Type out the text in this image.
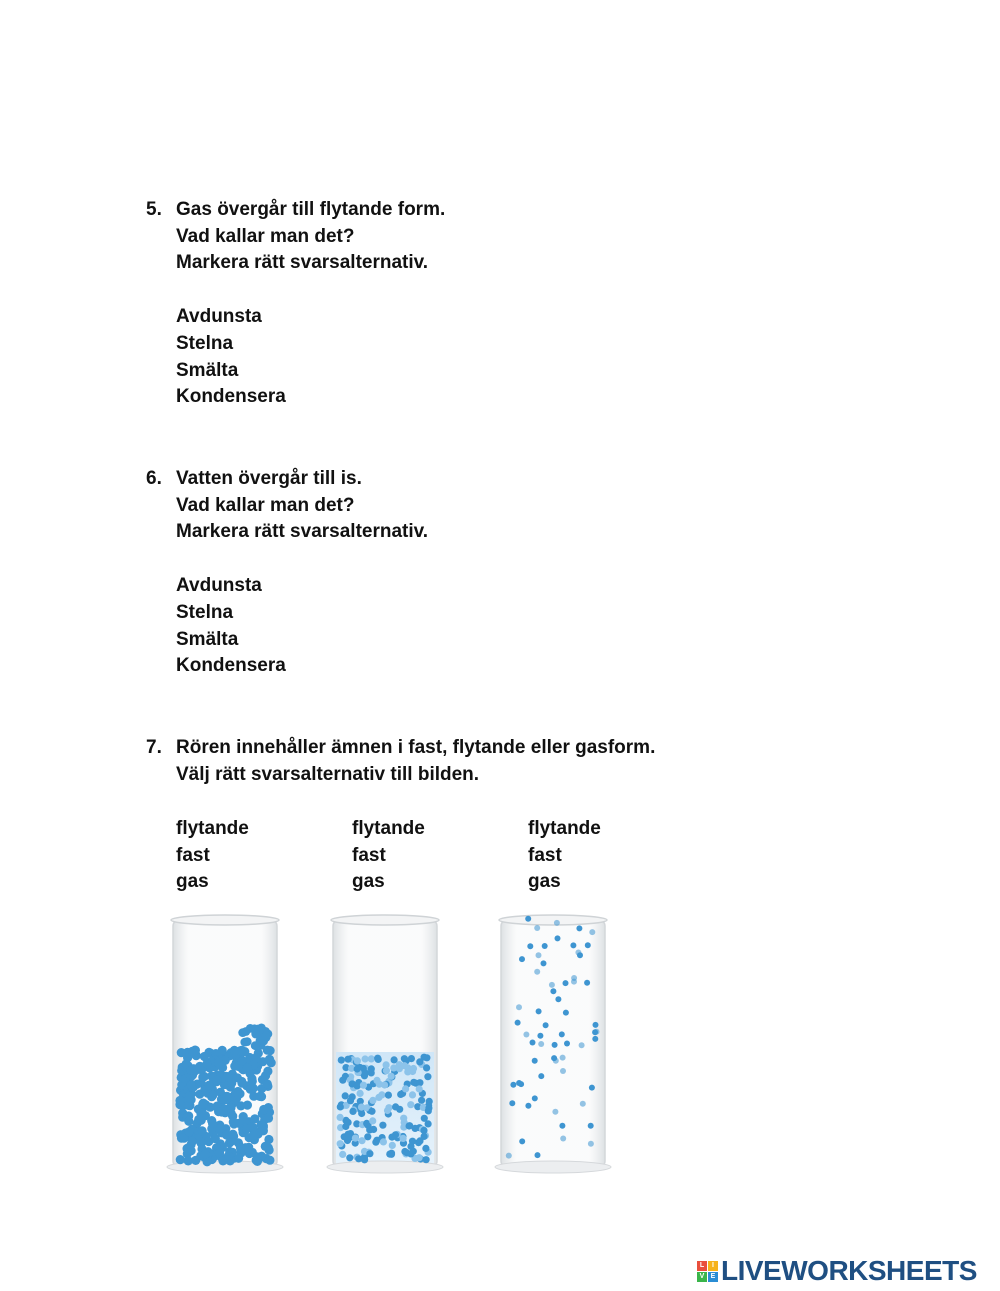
5. Gas övergår till flytande form.
Vad kallar man det?
Markera rätt svarsalternativ.
Avdunsta
Stelna
Smälta
Kondensera
6. Vatten övergår till is.
Vad kallar man det?
Markera rätt svarsalternativ.
Avdunsta
Stelna
Smälta
Kondensera
7. Rören innehåller ämnen i fast, flytande eller gasform.
Välj rätt svarsalternativ till bilden.
flytande
fast
gas
flytande
fast
gas
flytande
fast
gas
L	I
V E LIVEWORKSHEETS
